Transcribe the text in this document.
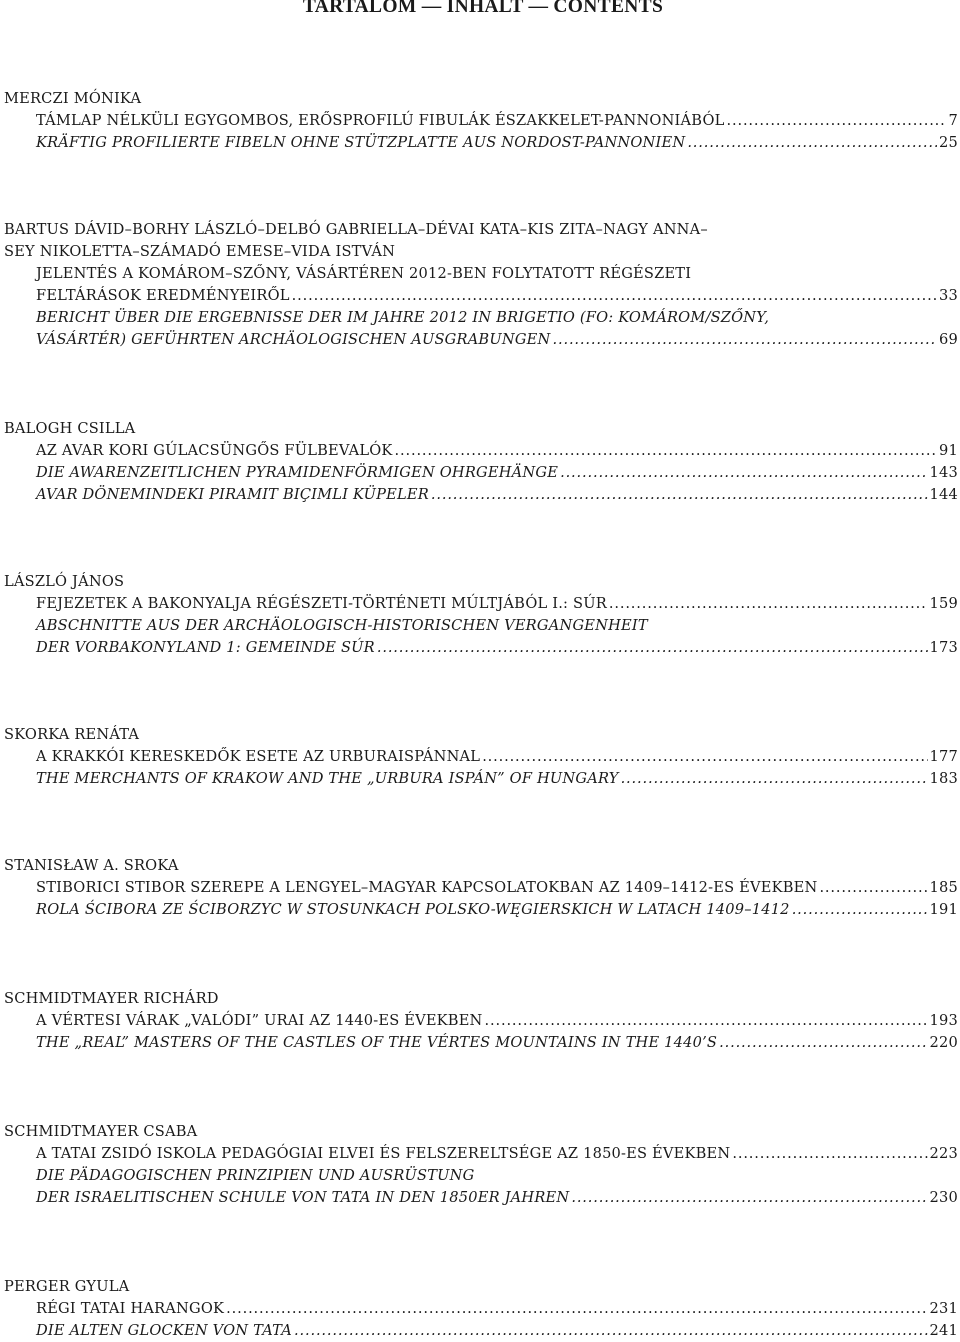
TARTALOM — INHALT — CONTENTS
MERCZI MÓNIKA
TÁMLAP NÉLKÜLI EGYGOMBOS, ERŐSPROFILÚ FIBULÁK ÉSZAKKELET-PANNONIÁBÓL . . .	7
KRÄFTIG PROFILIERTE FIBELN OHNE STÜTZPLATTE AUS NORDOST-PANNONIEN . . .	25
BARTUS DÁVID–BORHY LÁSZLÓ–DELBÓ GABRIELLA–DÉVAI KATA–KIS ZITA–NAGY ANNA–
SEY NIKOLETTA–SZÁMADÓ EMESE–VIDA ISTVÁN
JELENTÉS A KOMÁROM–SZŐNY, VÁSÁRTÉREN 2012-BEN FOLYTATOTT RÉGÉSZETI
FELTÁRÁSOK EREDMÉNYEIRŐL . . .	33
BERICHT ÜBER DIE ERGEBNISSE DER IM JAHRE 2012 IN BRIGETIO (FO: KOMÁROM/SZŐNY,
VÁSÁRTÉR) GEFÜHRTEN ARCHÄOLOGISCHEN AUSGRABUNGEN . . .	69
BALOGH CSILLA
AZ AVAR KORI GÚLACSÜNGŐS FÜLBEVALÓK . . .	91
DIE AWARENZEITLICHEN PYRAMIDENFÖRMIGEN OHRGEHÄNGE . . .	143
AVAR DÖNEMINDEKI PIRAMIT BIÇIMLI KÜPELER . . .	144
LÁSZLÓ JÁNOS
FEJEZETEK A BAKONYALJA RÉGÉSZETI-TÖRTÉNETI MÚLTJÁBÓL I.: SÚR . . .	159
ABSCHNITTE AUS DER ARCHÄOLOGISCH-HISTORISCHEN VERGANGENHEIT
DER VORBAKONYLAND 1: GEMEINDE SÚR . . .	173
SKORKA RENÁTA
A KRAKKÓI KERESKEDŐK ESETE AZ URBURAISPÁNNAL . . .	177
THE MERCHANTS OF KRAKOW AND THE „URBURA ISPÁN” OF HUNGARY . . .	183
STANISŁAW A. SROKA
STIBORICI STIBOR SZEREPE A LENGYEL–MAGYAR KAPCSOLATOKBAN AZ 1409–1412-ES ÉVEKBEN . . .	185
ROLA ŚCIBORA ZE ŚCIBORZYC W STOSUNKACH POLSKO-WĘGIERSKICH W LATACH 1409–1412 . . .	191
SCHMIDTMAYER RICHÁRD
A VÉRTESI VÁRAK „VALÓDI” URAI AZ 1440-ES ÉVEKBEN . . .	193
THE „REAL” MASTERS OF THE CASTLES OF THE VÉRTES MOUNTAINS IN THE 1440’S . . .	220
SCHMIDTMAYER CSABA
A TATAI ZSIDÓ ISKOLA PEDAGÓGIAI ELVEI ÉS FELSZERELTSÉGE AZ 1850-ES ÉVEKBEN . . .	223
DIE PÄDAGOGISCHEN PRINZIPIEN UND AUSRÜSTUNG
DER ISRAELITISCHEN SCHULE VON TATA IN DEN 1850ER JAHREN . . .	230
PERGER GYULA
RÉGI TATAI HARANGOK . . .	231
DIE ALTEN GLOCKEN VON TATA . . .	241
